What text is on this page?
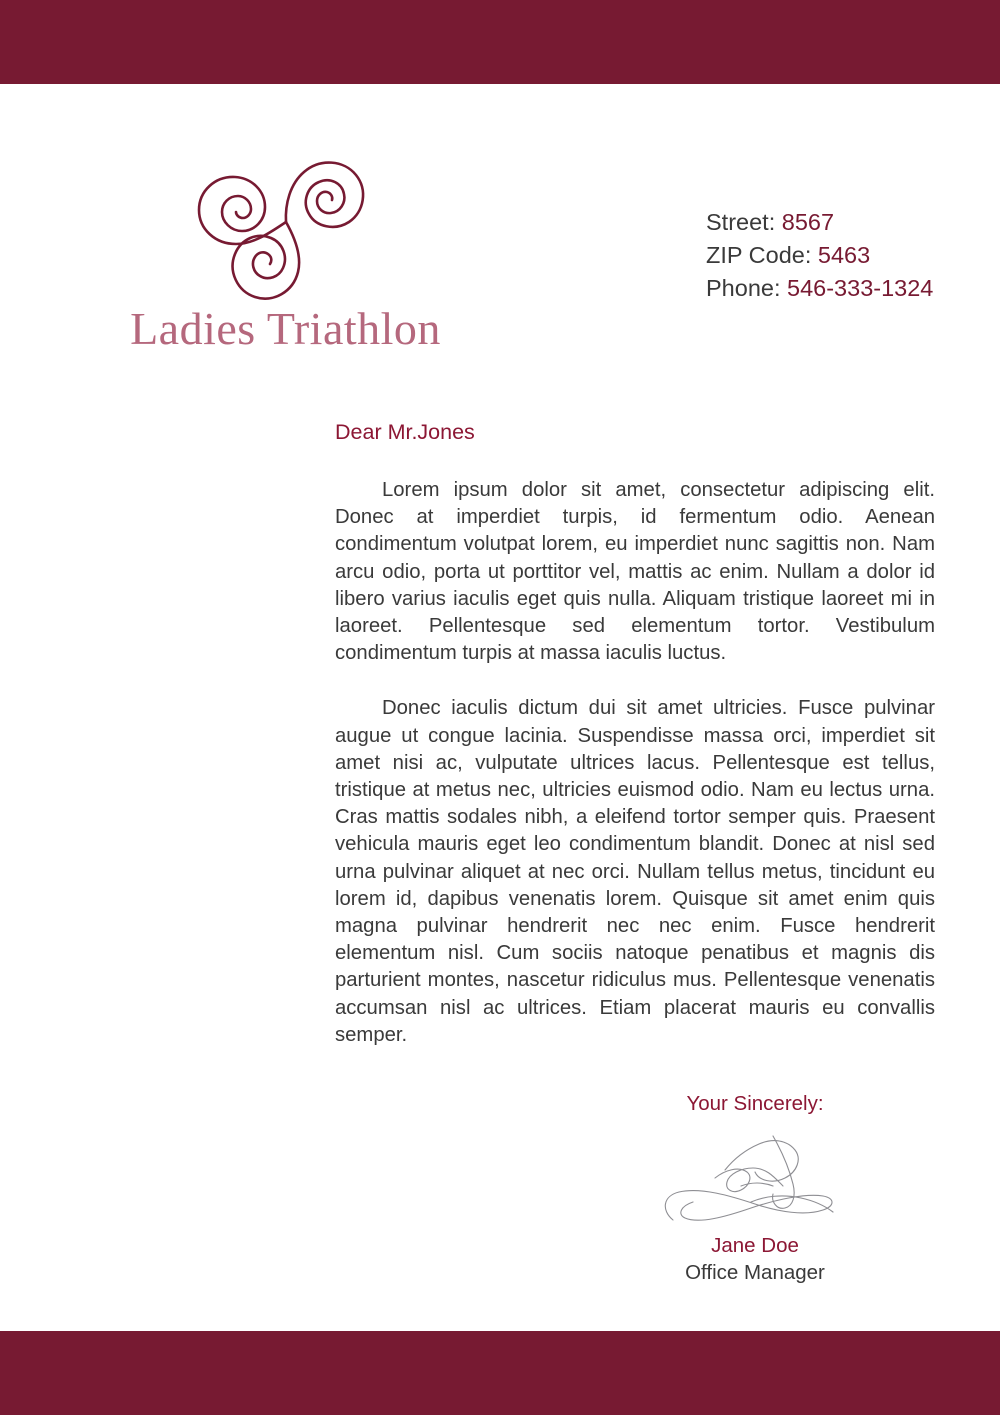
Ladies Triathlon
Street: 8567
ZIP Code: 5463
Phone: 546-333-1324

Dear Mr.Jones

Lorem ipsum dolor sit amet, consectetur adipiscing elit. Donec at imperdiet turpis, id fermentum odio. Aenean condimentum volutpat lorem, eu imperdiet nunc sagittis non. Nam arcu odio, porta ut porttitor vel, mattis ac enim. Nullam a dolor id libero varius iaculis eget quis nulla. Aliquam tristique laoreet mi in laoreet. Pellentesque sed elementum tortor. Vestibulum condimentum turpis at massa iaculis luctus.

Donec iaculis dictum dui sit amet ultricies. Fusce pulvinar augue ut congue lacinia. Suspendisse massa orci, imperdiet sit amet nisi ac, vulputate ultrices lacus. Pellentesque est tellus, tristique at metus nec, ultricies euismod odio. Nam eu lectus urna. Cras mattis sodales nibh, a eleifend tortor semper quis. Praesent vehicula mauris eget leo condimentum blandit. Donec at nisl sed urna pulvinar aliquet at nec orci. Nullam tellus metus, tincidunt eu lorem id, dapibus venenatis lorem. Quisque sit amet enim quis magna pulvinar hendrerit nec nec enim. Fusce hendrerit elementum nisl. Cum sociis natoque penatibus et magnis dis parturient montes, nascetur ridiculus mus. Pellentesque venenatis accumsan nisl ac ultrices. Etiam placerat mauris eu convallis semper.

Your Sincerely:

Jane Doe
Office Manager
